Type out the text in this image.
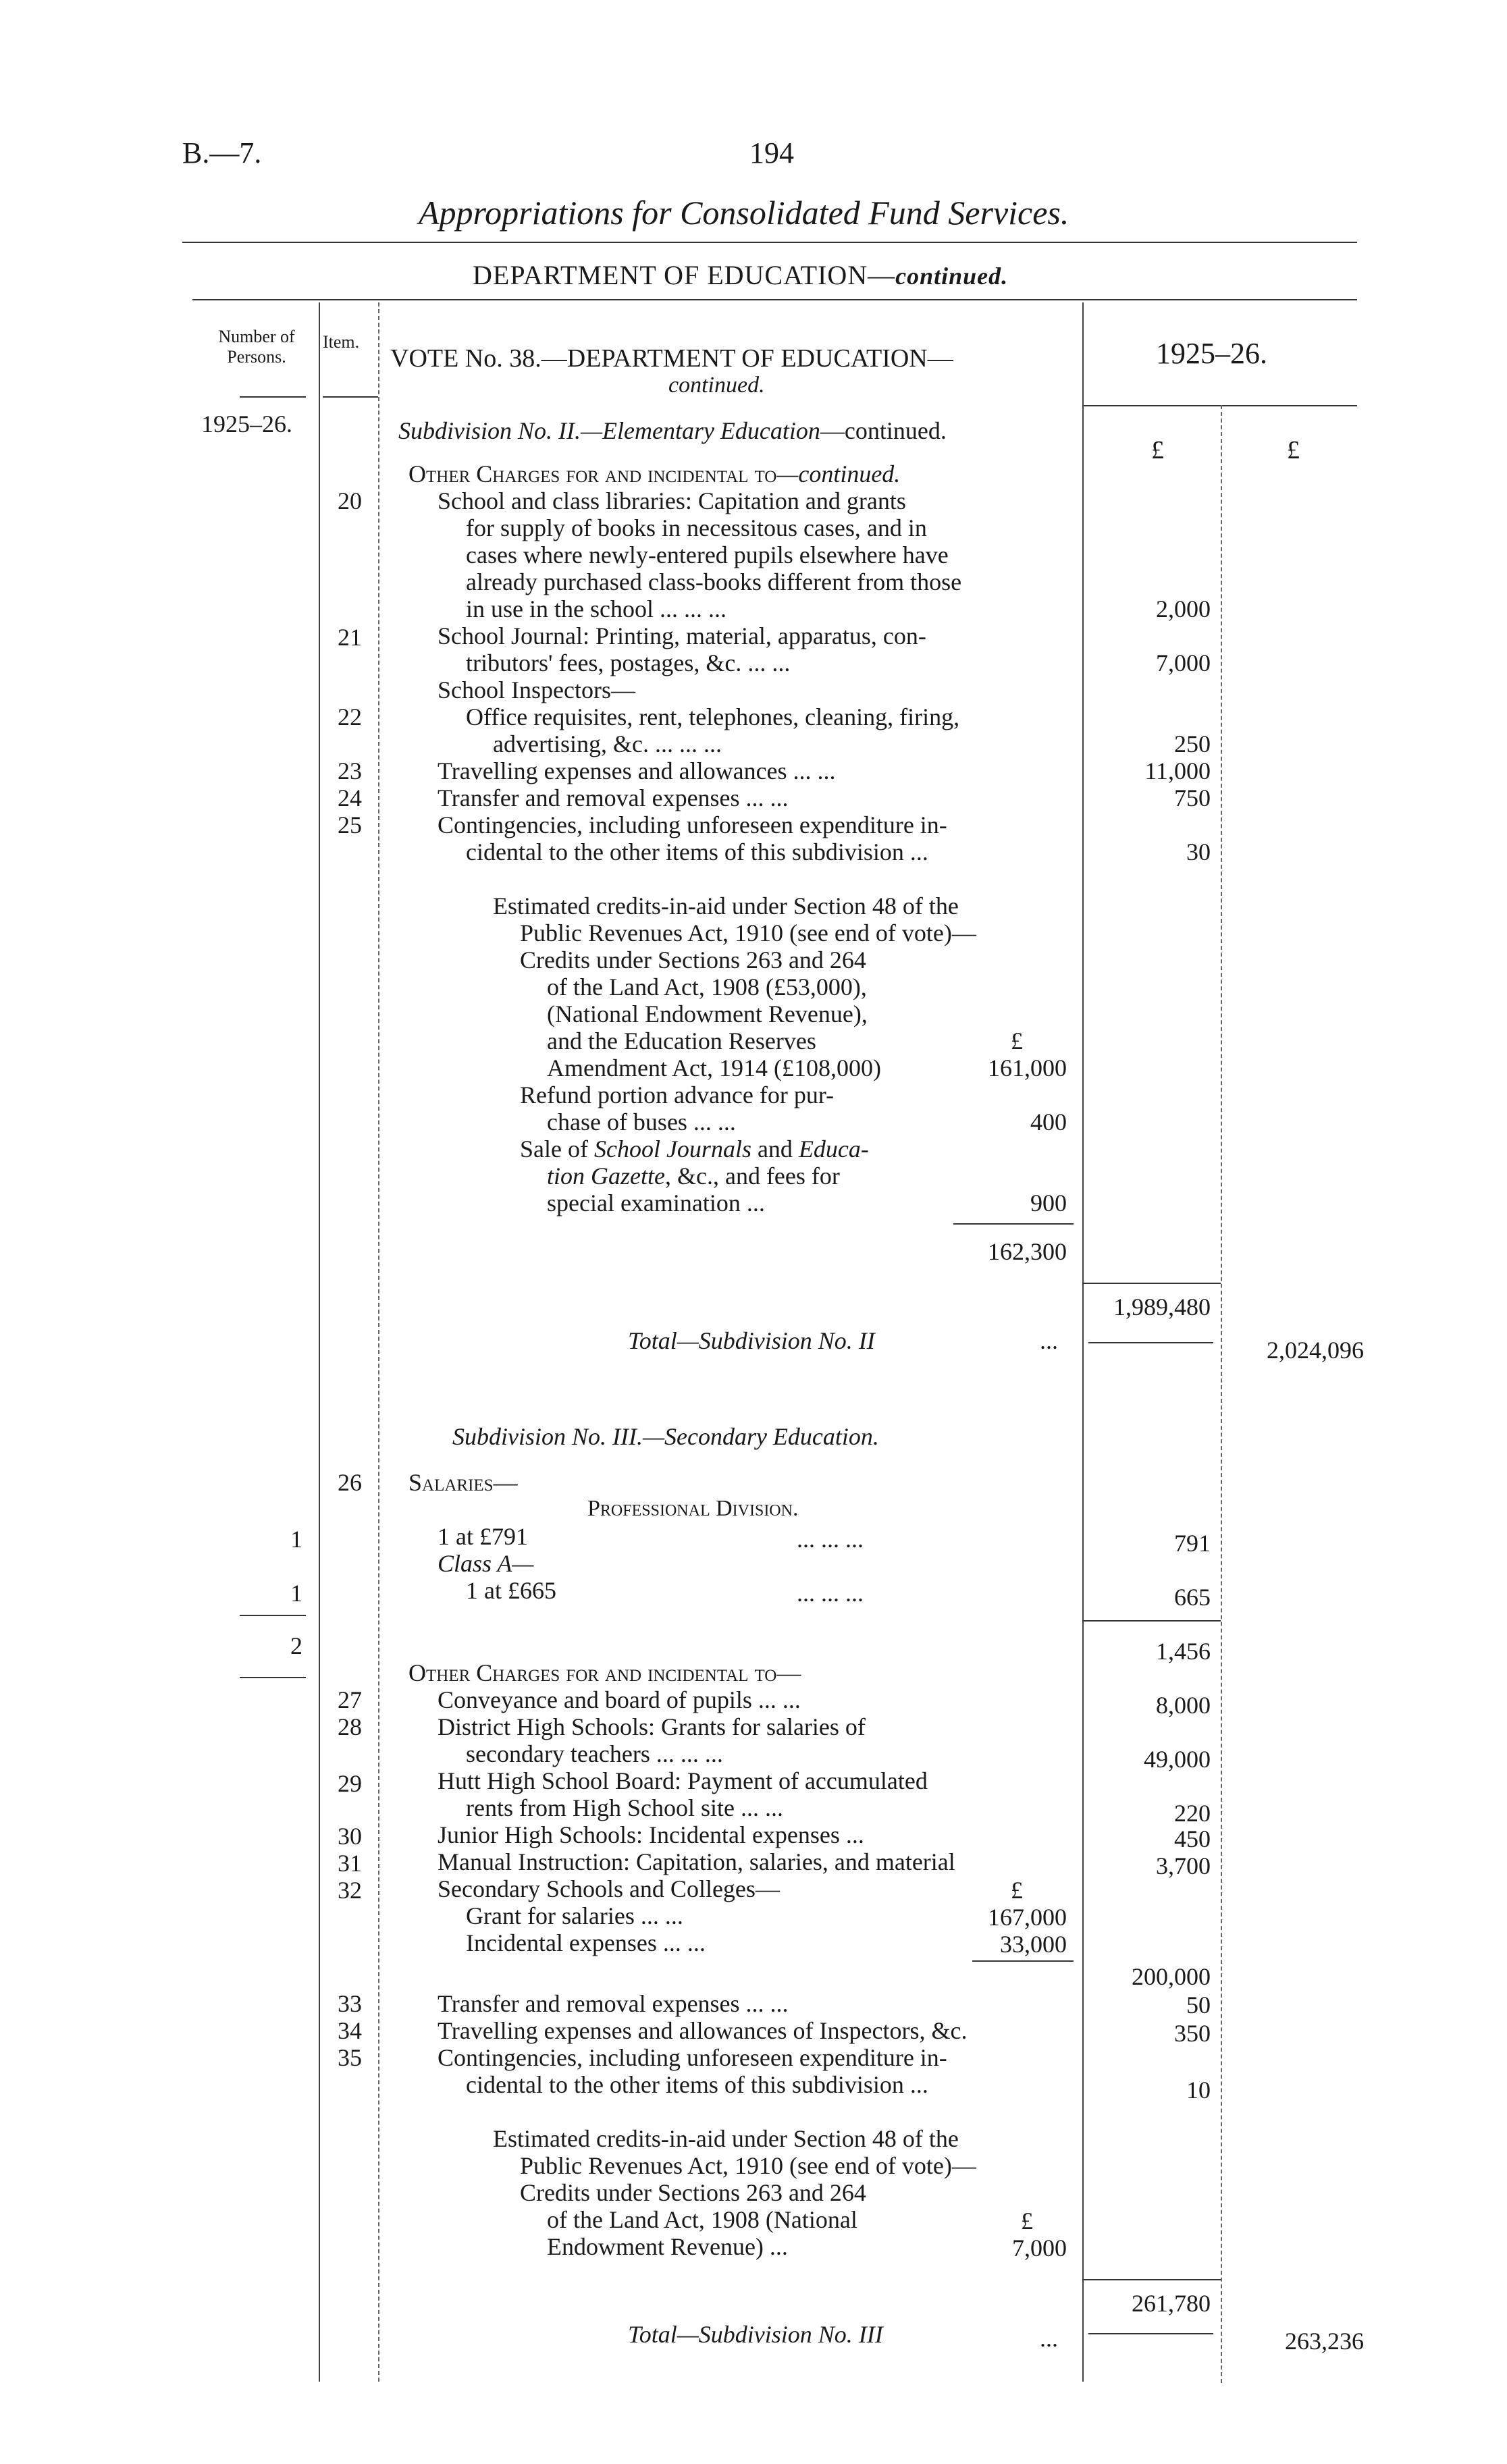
B.—7.	194
Appropriations for Consolidated Fund Services.
DEPARTMENT OF EDUCATION—continued.
Number of Persons.
Item.
VOTE No. 38.—DEPARTMENT OF EDUCATION—
continued.
1925–26.
1925–26.
£	£
Subdivision No. II.—Elementary Education—continued.
Other Charges for and incidental to—continued.
20	School and class libraries: Capitation and grants
for supply of books in necessitous cases, and in
cases where newly-entered pupils elsewhere have
already purchased class-books different from those
in use in the school ... ... ...	2,000
21	School Journal: Printing, material, apparatus, con-
tributors' fees, postages, &c. ... ...	7,000
School Inspectors—
22	Office requisites, rent, telephones, cleaning, firing,
advertising, &c. ... ... ...	250
23	Travelling expenses and allowances ... ...	11,000
24	Transfer and removal expenses ... ...	750
25	Contingencies, including unforeseen expenditure in-
cidental to the other items of this subdivision ...	30
Estimated credits-in-aid under Section 48 of the
Public Revenues Act, 1910 (see end of vote)—
Credits under Sections 263 and 264
of the Land Act, 1908 (£53,000),
(National Endowment Revenue),
and the Education Reserves	£
Amendment Act, 1914 (£108,000)	161,000
Refund portion advance for pur-
chase of buses ... ...	400
Sale of School Journals and Educa-
tion Gazette, &c., and fees for
special examination ...	900
162,300
1,989,480
Total—Subdivision No. II	...	2,024,096
Subdivision No. III.—Secondary Education.
26 Salaries—
Professional Division.
1	1 at £791	... ... ...	791
Class A—
1	1 at £665	... ... ...	665
2	1,456
Other Charges for and incidental to—
27	Conveyance and board of pupils ... ...	8,000
28	District High Schools: Grants for salaries of
secondary teachers ... ... ...	49,000
29	Hutt High School Board: Payment of accumulated
rents from High School site ... ...	220
30	Junior High Schools: Incidental expenses ...	450
31	Manual Instruction: Capitation, salaries, and material	3,700
32	Secondary Schools and Colleges—	£
Grant for salaries ... ...	167,000
Incidental expenses ... ...	33,000
200,000
33	Transfer and removal expenses ... ...	50
34	Travelling expenses and allowances of Inspectors, &c.	350
35	Contingencies, including unforeseen expenditure in-
cidental to the other items of this subdivision ...	10
Estimated credits-in-aid under Section 48 of the
Public Revenues Act, 1910 (see end of vote)—
Credits under Sections 263 and 264
of the Land Act, 1908 (National	£
Endowment Revenue) ...	7,000
261,780
Total—Subdivision No. III	...	263,236
